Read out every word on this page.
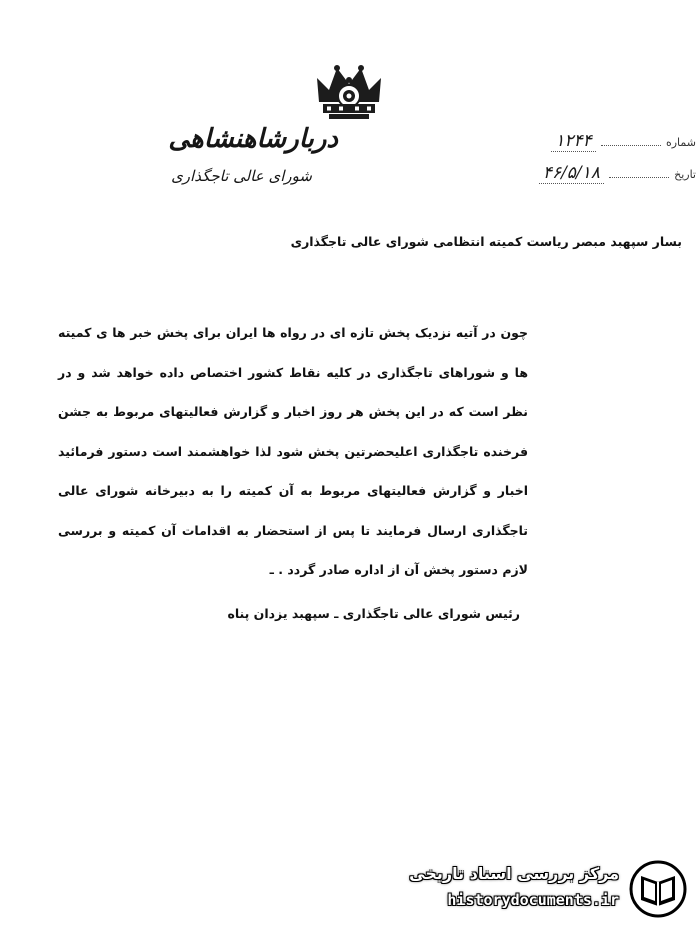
دربارشاهنشاهی
شورای عالی تاجگذاری
شماره  ۱۲۴۴
تاریخ  ۴۶/۵/۱۸
بسار سپهبد مبصر ریاست کمیته انتظامی شورای عالی تاجگذاری

چون در آتیه نزدیک پخش تازه ای در رواه ها ایران برای پخش خبر ها ی کمیته ها و شوراهای تاجگذاری در کلیه نقاط کشور اختصاص داده خواهد شد و در نظر است که در این پخش هر روز اخبار و گزارش فعالیتهای مربوط به جشن فرخنده تاجگذاری اعلیحضرتین پخش شود لذا خواهشمند است دستور فرمائید اخبار و گزارش فعالیتهای مربوط به آن کمیته را به دبیرخانه شورای عالی تاجگذاری ارسال فرمایند تا پس از استحضار به اقدامات آن کمیته و بررسی لازم دستور پخش آن از اداره صادر گردد . ـ

رئیس شورای عالی تاجگذاری ـ سپهبد یزدان پناه
مرکز بررسی اسناد تاریخی
historydocuments.ir
